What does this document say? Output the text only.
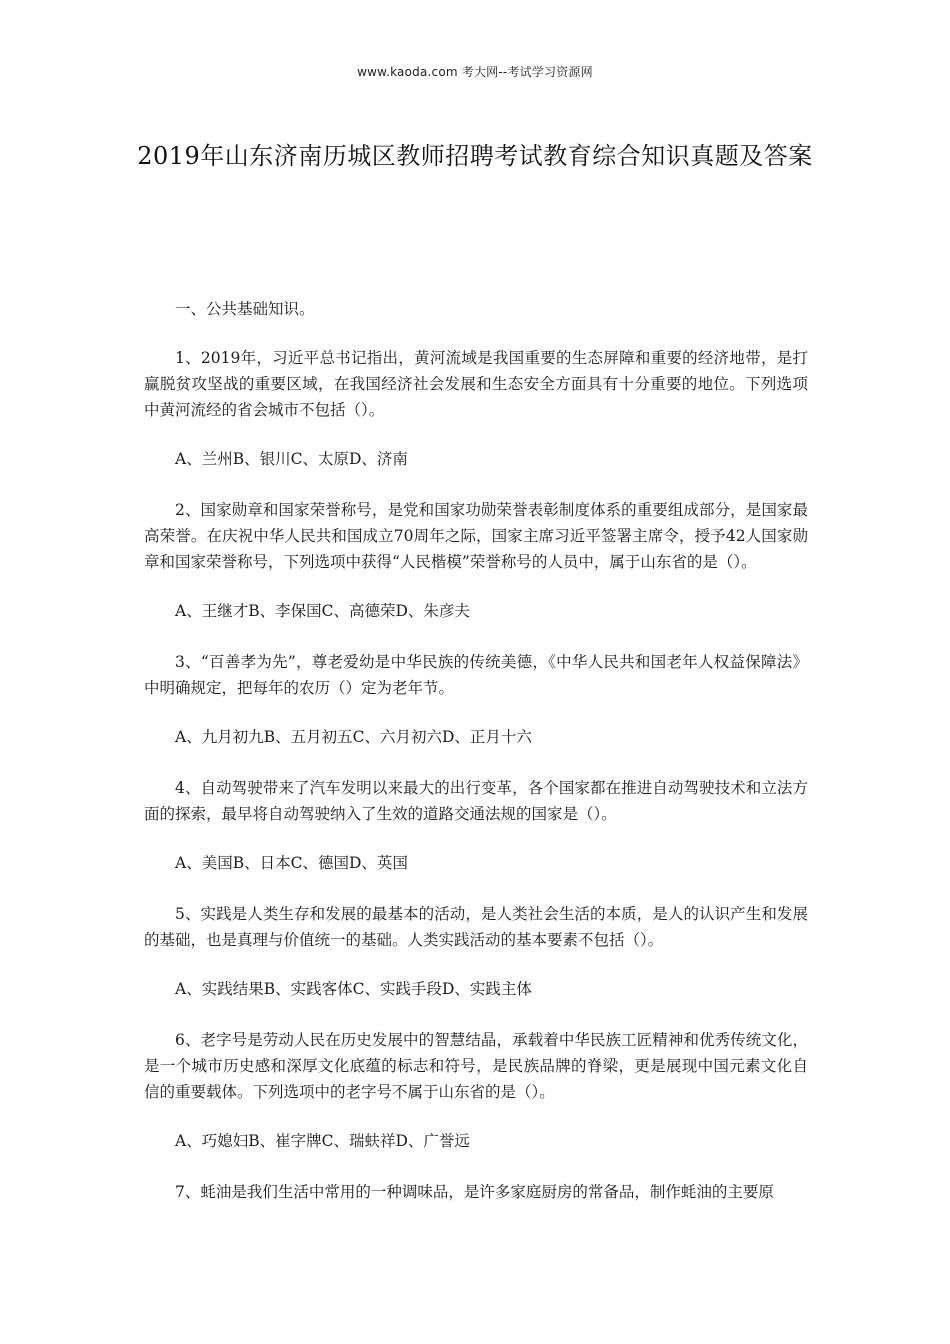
www.kaoda.com 考大网--考试学习资源网
2019年山东济南历城区教师招聘考试教育综合知识真题及答案

一、公共基础知识。

1、2019年，习近平总书记指出，黄河流域是我国重要的生态屏障和重要的经济地带，是打赢脱贫攻坚战的重要区域，在我国经济社会发展和生态安全方面具有十分重要的地位。下列选项中黄河流经的省会城市不包括（）。

A、兰州B、银川C、太原D、济南

2、国家勋章和国家荣誉称号，是党和国家功勋荣誉表彰制度体系的重要组成部分，是国家最高荣誉。在庆祝中华人民共和国成立70周年之际，国家主席习近平签署主席令，授予42人国家勋章和国家荣誉称号，下列选项中获得“人民楷模”荣誉称号的人员中，属于山东省的是（）。

A、王继才B、李保国C、高德荣D、朱彦夫

3、“百善孝为先”，尊老爱幼是中华民族的传统美德，《中华人民共和国老年人权益保障法》中明确规定，把每年的农历（）定为老年节。

A、九月初九B、五月初五C、六月初六D、正月十六

4、自动驾驶带来了汽车发明以来最大的出行变革，各个国家都在推进自动驾驶技术和立法方面的探索，最早将自动驾驶纳入了生效的道路交通法规的国家是（）。

A、美国B、日本C、德国D、英国

5、实践是人类生存和发展的最基本的活动，是人类社会生活的本质，是人的认识产生和发展的基础，也是真理与价值统一的基础。人类实践活动的基本要素不包括（）。

A、实践结果B、实践客体C、实践手段D、实践主体

6、老字号是劳动人民在历史发展中的智慧结晶，承载着中华民族工匠精神和优秀传统文化，是一个城市历史感和深厚文化底蕴的标志和符号，是民族品牌的脊梁，更是展现中国元素文化自信的重要载体。下列选项中的老字号不属于山东省的是（）。

A、巧媳妇B、崔字牌C、瑞蚨祥D、广誉远

7、蚝油是我们生活中常用的一种调味品，是许多家庭厨房的常备品，制作蚝油的主要原
